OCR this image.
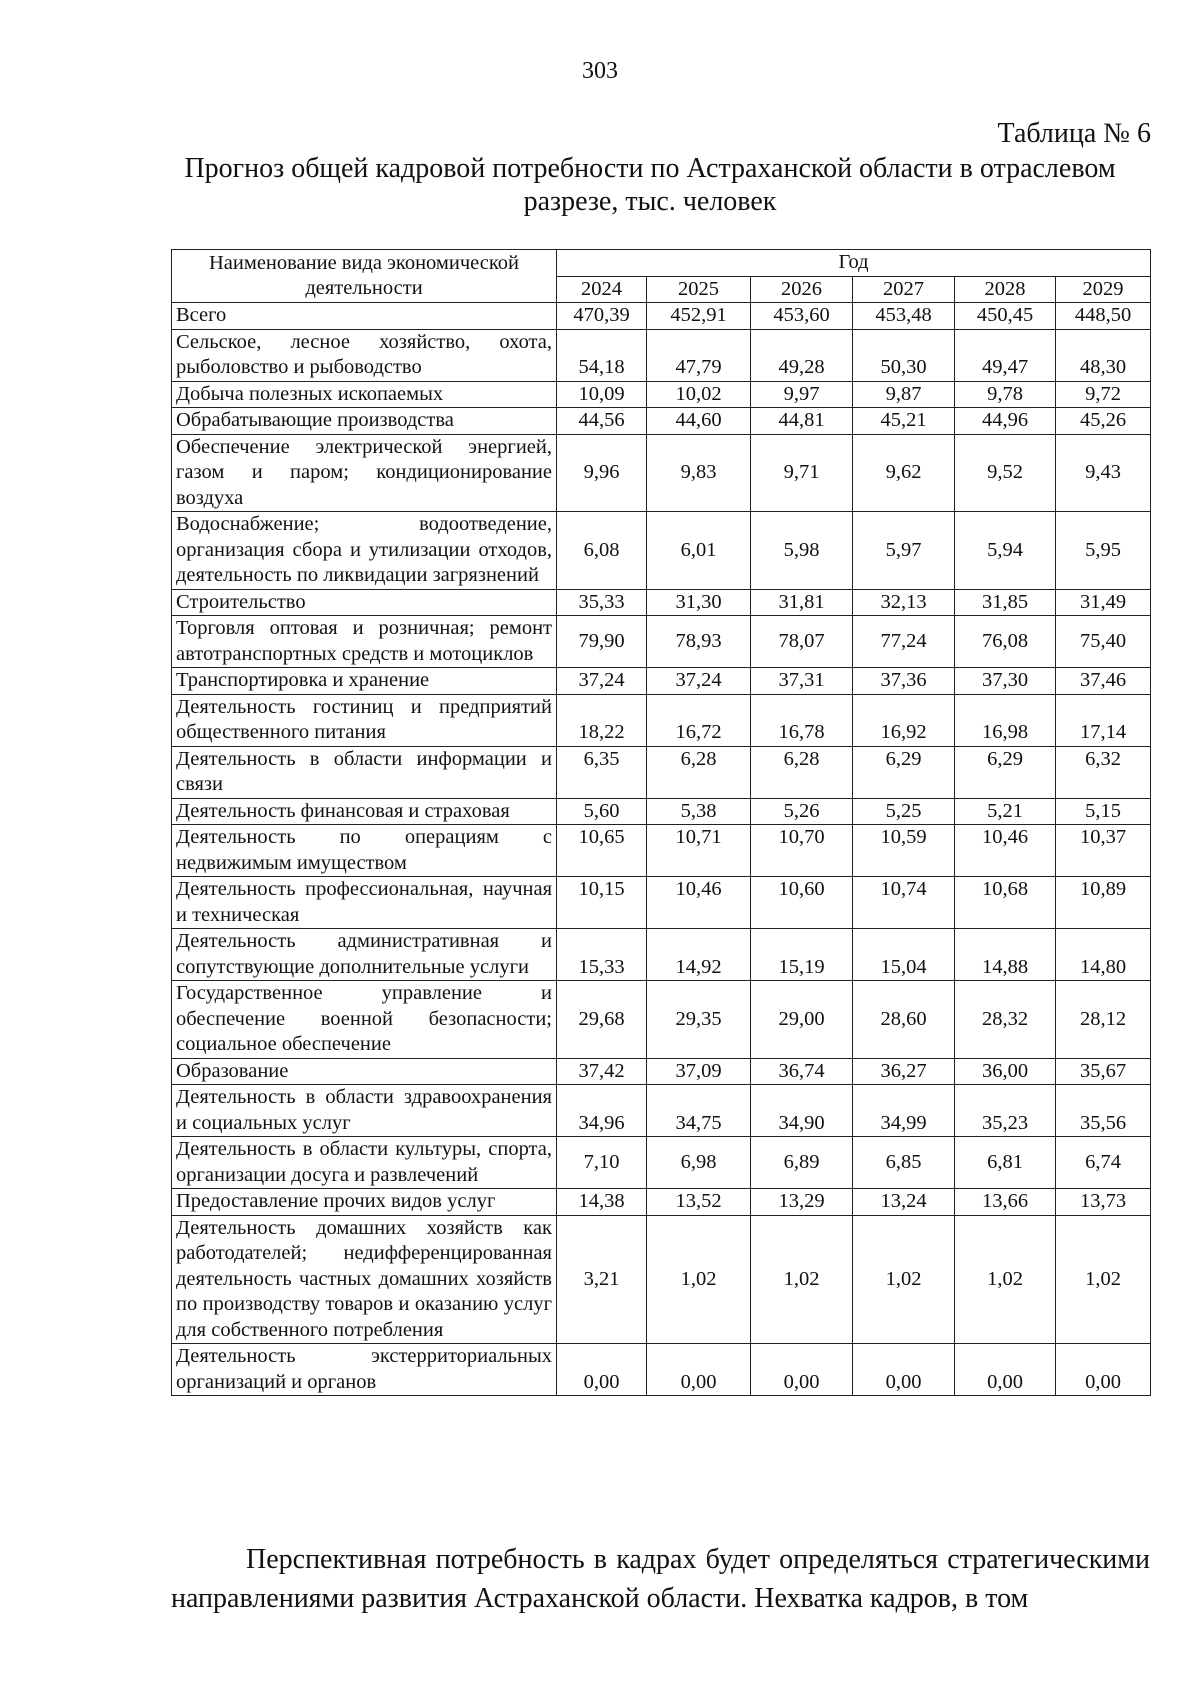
303
Таблица № 6
Прогноз общей кадровой потребности по Астраханской области в отраслевом разрезе, тыс. человек
Наименование вида экономической деятельности	Год					
	2024	2025	2026	2027	2028	2029
Всего	470,39	452,91	453,60	453,48	450,45	448,50
Сельское, лесное хозяйство, охота, рыболовство и рыбоводство	54,18	47,79	49,28	50,30	49,47	48,30
Добыча полезных ископаемых	10,09	10,02	9,97	9,87	9,78	9,72
Обрабатывающие производства	44,56	44,60	44,81	45,21	44,96	45,26
Обеспечение электрической энергией, газом и паром; кондиционирование воздуха	9,96	9,83	9,71	9,62	9,52	9,43
Водоснабжение; водоотведение, организация сбора и утилизации отходов, деятельность по ликвидации загрязнений	6,08	6,01	5,98	5,97	5,94	5,95
Строительство	35,33	31,30	31,81	32,13	31,85	31,49
Торговля оптовая и розничная; ремонт автотранспортных средств и мотоциклов	79,90	78,93	78,07	77,24	76,08	75,40
Транспортировка и хранение	37,24	37,24	37,31	37,36	37,30	37,46
Деятельность гостиниц и предприятий общественного питания	18,22	16,72	16,78	16,92	16,98	17,14
Деятельность в области информации и связи	6,35	6,28	6,28	6,29	6,29	6,32
Деятельность финансовая и страховая	5,60	5,38	5,26	5,25	5,21	5,15
Деятельность по операциям с недвижимым имуществом	10,65	10,71	10,70	10,59	10,46	10,37
Деятельность профессиональная, научная и техническая	10,15	10,46	10,60	10,74	10,68	10,89
Деятельность административная и сопутствующие дополнительные услуги	15,33	14,92	15,19	15,04	14,88	14,80
Государственное управление и обеспечение военной безопасности; социальное обеспечение	29,68	29,35	29,00	28,60	28,32	28,12
Образование	37,42	37,09	36,74	36,27	36,00	35,67
Деятельность в области здравоохранения и социальных услуг	34,96	34,75	34,90	34,99	35,23	35,56
Деятельность в области культуры, спорта, организации досуга и развлечений	7,10	6,98	6,89	6,85	6,81	6,74
Предоставление прочих видов услуг	14,38	13,52	13,29	13,24	13,66	13,73
Деятельность домашних хозяйств как работодателей; недифференцированная деятельность частных домашних хозяйств по производству товаров и оказанию услуг для собственного потребления	3,21	1,02	1,02	1,02	1,02	1,02
Деятельность экстерриториальных организаций и органов	0,00	0,00	0,00	0,00	0,00	0,00

Перспективная потребность в кадрах будет определяться стратегическими направлениями развития Астраханской области. Нехватка кадров, в том
